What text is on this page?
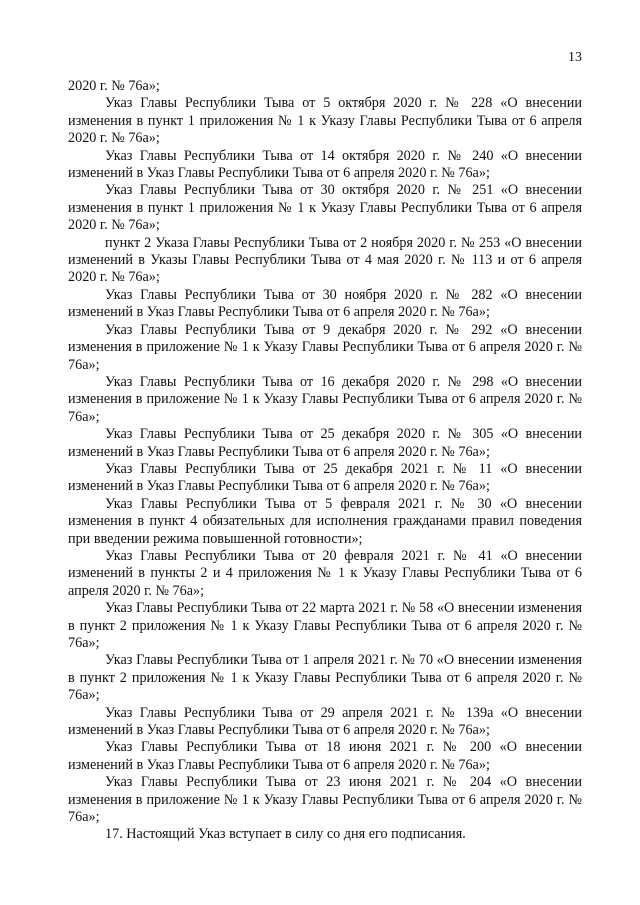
13

2020 г. № 76а»;

Указ Главы Республики Тыва от 5 октября 2020 г. № 228 «О внесении изменения в пункт 1 приложения № 1 к Указу Главы Республики Тыва от 6 апреля 2020 г. № 76а»;

Указ Главы Республики Тыва от 14 октября 2020 г. № 240 «О внесении изменений в Указ Главы Республики Тыва от 6 апреля 2020 г. № 76а»;

Указ Главы Республики Тыва от 30 октября 2020 г. № 251 «О внесении изменения в пункт 1 приложения № 1 к Указу Главы Республики Тыва от 6 апреля 2020 г. № 76а»;

пункт 2 Указа Главы Республики Тыва от 2 ноября 2020 г. № 253 «О внесении изменений в Указы Главы Республики Тыва от 4 мая 2020 г. № 113 и от 6 апреля 2020 г. № 76а»;

Указ Главы Республики Тыва от 30 ноября 2020 г. № 282 «О внесении изменений в Указ Главы Республики Тыва от 6 апреля 2020 г. № 76а»;

Указ Главы Республики Тыва от 9 декабря 2020 г. № 292 «О внесении изменения в приложение № 1 к Указу Главы Республики Тыва от 6 апреля 2020 г. № 76а»;

Указ Главы Республики Тыва от 16 декабря 2020 г. № 298 «О внесении изменения в приложение № 1 к Указу Главы Республики Тыва от 6 апреля 2020 г. № 76а»;

Указ Главы Республики Тыва от 25 декабря 2020 г. № 305 «О внесении изменений в Указ Главы Республики Тыва от 6 апреля 2020 г. № 76а»;

Указ Главы Республики Тыва от 25 декабря 2021 г. № 11 «О внесении изменений в Указ Главы Республики Тыва от 6 апреля 2020 г. № 76а»;

Указ Главы Республики Тыва от 5 февраля 2021 г. № 30 «О внесении изменения в пункт 4 обязательных для исполнения гражданами правил поведения при введении режима повышенной готовности»;

Указ Главы Республики Тыва от 20 февраля 2021 г. № 41 «О внесении изменений в пункты 2 и 4 приложения № 1 к Указу Главы Республики Тыва от 6 апреля 2020 г. № 76а»;

Указ Главы Республики Тыва от 22 марта 2021 г. № 58 «О внесении изменения в пункт 2 приложения № 1 к Указу Главы Республики Тыва от 6 апреля 2020 г. № 76а»;

Указ Главы Республики Тыва от 1 апреля 2021 г. № 70 «О внесении изменения в пункт 2 приложения № 1 к Указу Главы Республики Тыва от 6 апреля 2020 г. № 76а»;

Указ Главы Республики Тыва от 29 апреля 2021 г. № 139а «О внесении изменений в Указ Главы Республики Тыва от 6 апреля 2020 г. № 76а»;

Указ Главы Республики Тыва от 18 июня 2021 г. № 200 «О внесении изменений в Указ Главы Республики Тыва от 6 апреля 2020 г. № 76а»;

Указ Главы Республики Тыва от 23 июня 2021 г. № 204 «О внесении изменения в приложение № 1 к Указу Главы Республики Тыва от 6 апреля 2020 г. № 76а»;

17. Настоящий Указ вступает в силу со дня его подписания.
